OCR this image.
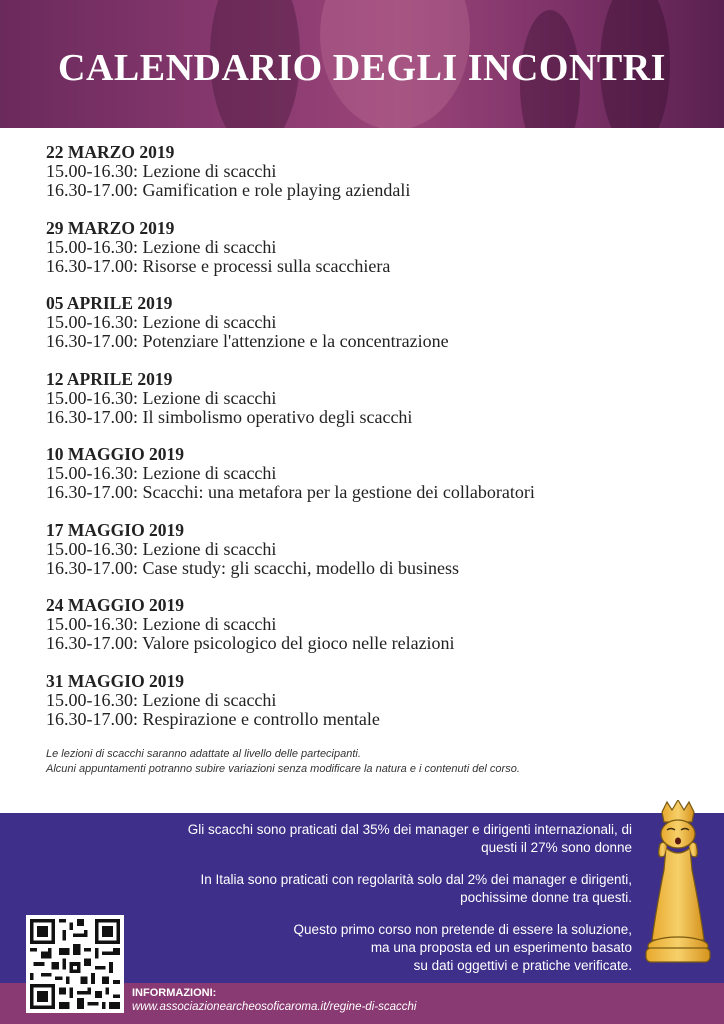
CALENDARIO DEGLI INCONTRI
22 MARZO 2019
15.00-16.30: Lezione di scacchi
16.30-17.00: Gamification e role playing aziendali
29 MARZO 2019
15.00-16.30: Lezione di scacchi
16.30-17.00: Risorse e processi sulla scacchiera
05 APRILE 2019
15.00-16.30: Lezione di scacchi
16.30-17.00: Potenziare l'attenzione e la concentrazione
12 APRILE 2019
15.00-16.30: Lezione di scacchi
16.30-17.00: Il simbolismo operativo degli scacchi
10 MAGGIO 2019
15.00-16.30: Lezione di scacchi
16.30-17.00: Scacchi: una metafora per la gestione dei collaboratori
17 MAGGIO 2019
15.00-16.30: Lezione di scacchi
16.30-17.00: Case study: gli scacchi, modello di business
24 MAGGIO 2019
15.00-16.30: Lezione di scacchi
16.30-17.00: Valore psicologico del gioco nelle relazioni
31 MAGGIO 2019
15.00-16.30: Lezione di scacchi
16.30-17.00: Respirazione e controllo mentale
Le lezioni di scacchi saranno adattate al livello delle partecipanti.
Alcuni appuntamenti potranno subire variazioni senza modificare la natura e i contenuti del corso.
Gli scacchi sono praticati dal 35% dei manager e dirigenti internazionali, di
questi il 27% sono donne
In Italia sono praticati con regolarità solo dal 2% dei manager e dirigenti,
pochissime donne tra questi.
Questo primo corso non pretende di essere la soluzione,
ma una proposta ed un esperimento basato
su dati oggettivi e pratiche verificate.
INFORMAZIONI:
www.associazionearcheosoficaroma.it/regine-di-scacchi
